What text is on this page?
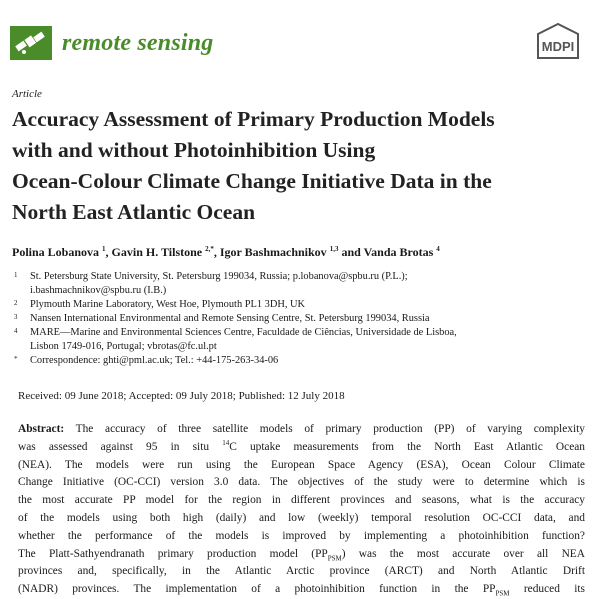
remote sensing	MDPI
Article
Accuracy Assessment of Primary Production Models
with and without Photoinhibition Using
Ocean-Colour Climate Change Initiative Data in the
North East Atlantic Ocean
Polina Lobanova $^1$, Gavin H. Tilstone $^{2,*}$, Igor Bashmachnikov $^{1,3}$ and Vanda Brotas $^4$
1 St. Petersburg State University, St. Petersburg 199034, Russia; p.lobanova@spbu.ru (P.L.);
i.bashmachnikov@spbu.ru (I.B.)
2 Plymouth Marine Laboratory, West Hoe, Plymouth PL1 3DH, UK
3 Nansen International Environmental and Remote Sensing Centre, St. Petersburg 199034, Russia
4 MARE—Marine and Environmental Sciences Centre, Faculdade de Ciências, Universidade de Lisboa,
Lisbon 1749-016, Portugal; vbrotas@fc.ul.pt
* Correspondence: ghti@pml.ac.uk; Tel.: +44-175-263-34-06
Received: 09 June 2018; Accepted: 09 July 2018; Published: 12 July 2018
Abstract: The accuracy of three satellite models of primary production (PP) of varying complexity
was assessed against 95 in situ $^{14}$C uptake measurements from the North East Atlantic Ocean
(NEA). The models were run using the European Space Agency (ESA), Ocean Colour Climate
Change Initiative (OC-CCI) version 3.0 data. The objectives of the study were to determine which is
the most accurate PP model for the region in different provinces and seasons, what is the accuracy
of the models using both high (daily) and low (weekly) temporal resolution OC-CCI data, and
whether the performance of the models is improved by implementing a photoinhibition function?
The Platt-Sathyendranath primary production model $(PP_{PSM})$ was the most accurate over all NEA
provinces and, specifically, in the Atlantic Arctic province (ARCT) and North Atlantic Drift
(NADR) provinces. The implementation of a photoinhibition function in the $PP_{PSM}$ reduced its
